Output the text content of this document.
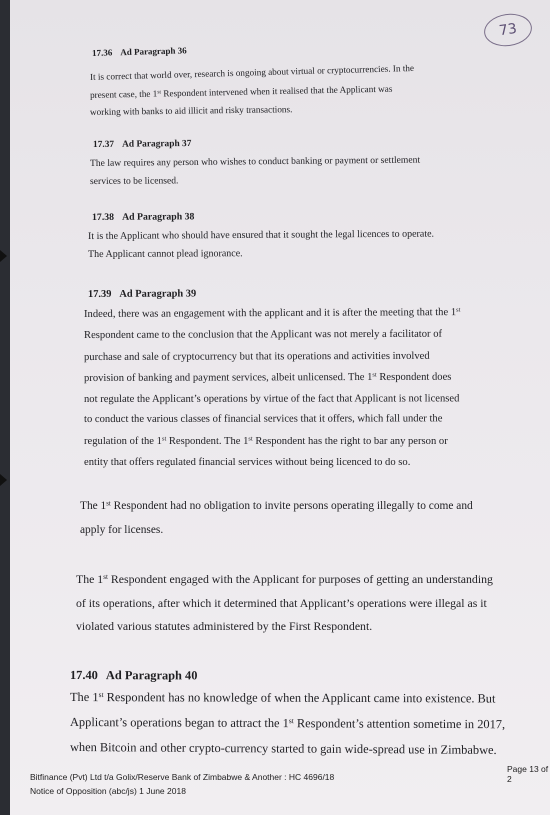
73
17.36 Ad Paragraph 36
It is correct that world over, research is ongoing about virtual or cryptocurrencies. In the
present case, the 1st Respondent intervened when it realised that the Applicant was
working with banks to aid illicit and risky transactions.
17.37 Ad Paragraph 37
The law requires any person who wishes to conduct banking or payment or settlement
services to be licensed.
17.38 Ad Paragraph 38
It is the Applicant who should have ensured that it sought the legal licences to operate.
The Applicant cannot plead ignorance.
17.39 Ad Paragraph 39
Indeed, there was an engagement with the applicant and it is after the meeting that the 1st
Respondent came to the conclusion that the Applicant was not merely a facilitator of
purchase and sale of cryptocurrency but that its operations and activities involved
provision of banking and payment services, albeit unlicensed. The 1st Respondent does
not regulate the Applicant’s operations by virtue of the fact that Applicant is not licensed
to conduct the various classes of financial services that it offers, which fall under the
regulation of the 1st Respondent. The 1st Respondent has the right to bar any person or
entity that offers regulated financial services without being licenced to do so.
The 1st Respondent had no obligation to invite persons operating illegally to come and
apply for licenses.
The 1st Respondent engaged with the Applicant for purposes of getting an understanding
of its operations, after which it determined that Applicant’s operations were illegal as it
violated various statutes administered by the First Respondent.
17.40 Ad Paragraph 40
The 1st Respondent has no knowledge of when the Applicant came into existence. But
Applicant’s operations began to attract the 1st Respondent’s attention sometime in 2017,
when Bitcoin and other crypto-currency started to gain wide-spread use in Zimbabwe.
Bitfinance (Pvt) Ltd t/a Golix/Reserve Bank of Zimbabwe & Another : HC 4696/18
Notice of Opposition (abc/js) 1 June 2018
Page 13 of 2
